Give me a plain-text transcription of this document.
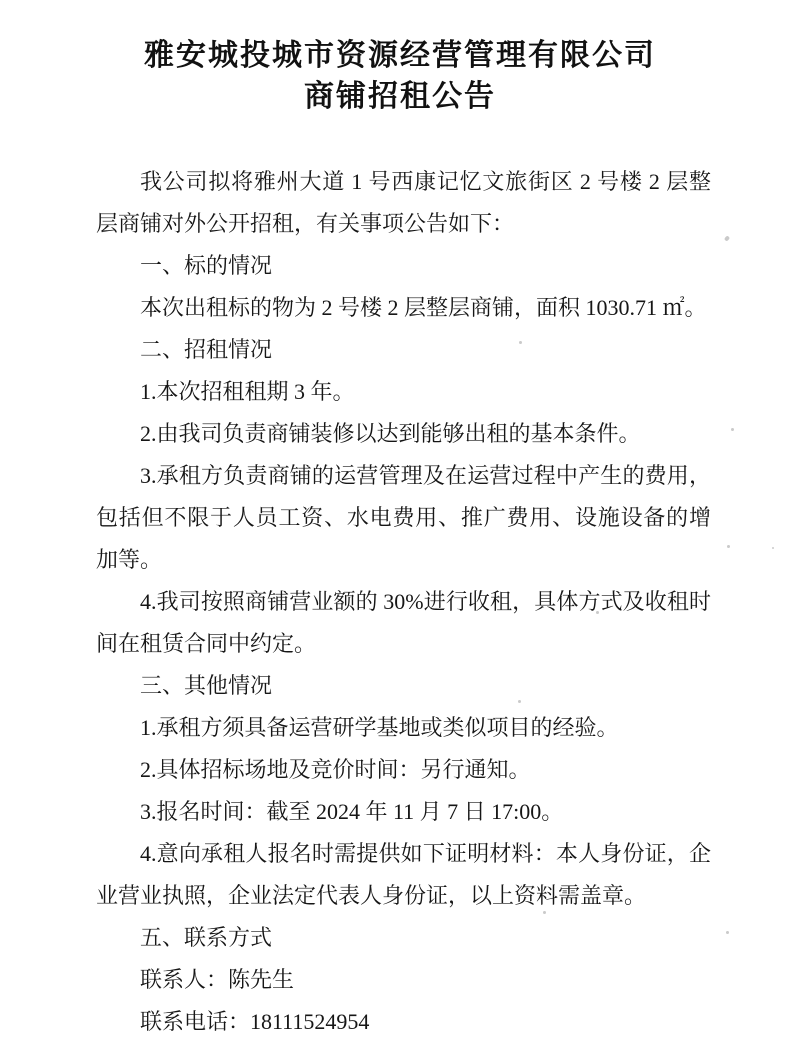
雅安城投城市资源经营管理有限公司
商铺招租公告

我公司拟将雅州大道 1 号西康记忆文旅街区 2 号楼 2 层整层商铺对外公开招租，有关事项公告如下：

一、标的情况

本次出租标的物为 2 号楼 2 层整层商铺，面积 1030.71 ㎡。

二、招租情况

1.本次招租租期 3 年。

2.由我司负责商铺装修以达到能够出租的基本条件。

3.承租方负责商铺的运营管理及在运营过程中产生的费用，包括但不限于人员工资、水电费用、推广费用、设施设备的增加等。

4.我司按照商铺营业额的 30%进行收租，具体方式及收租时间在租赁合同中约定。

三、其他情况

1.承租方须具备运营研学基地或类似项目的经验。

2.具体招标场地及竞价时间：另行通知。

3.报名时间：截至 2024 年 11 月 7 日 17:00。

4.意向承租人报名时需提供如下证明材料：本人身份证，企业营业执照，企业法定代表人身份证，以上资料需盖章。

五、联系方式

联系人：陈先生

联系电话：18111524954
